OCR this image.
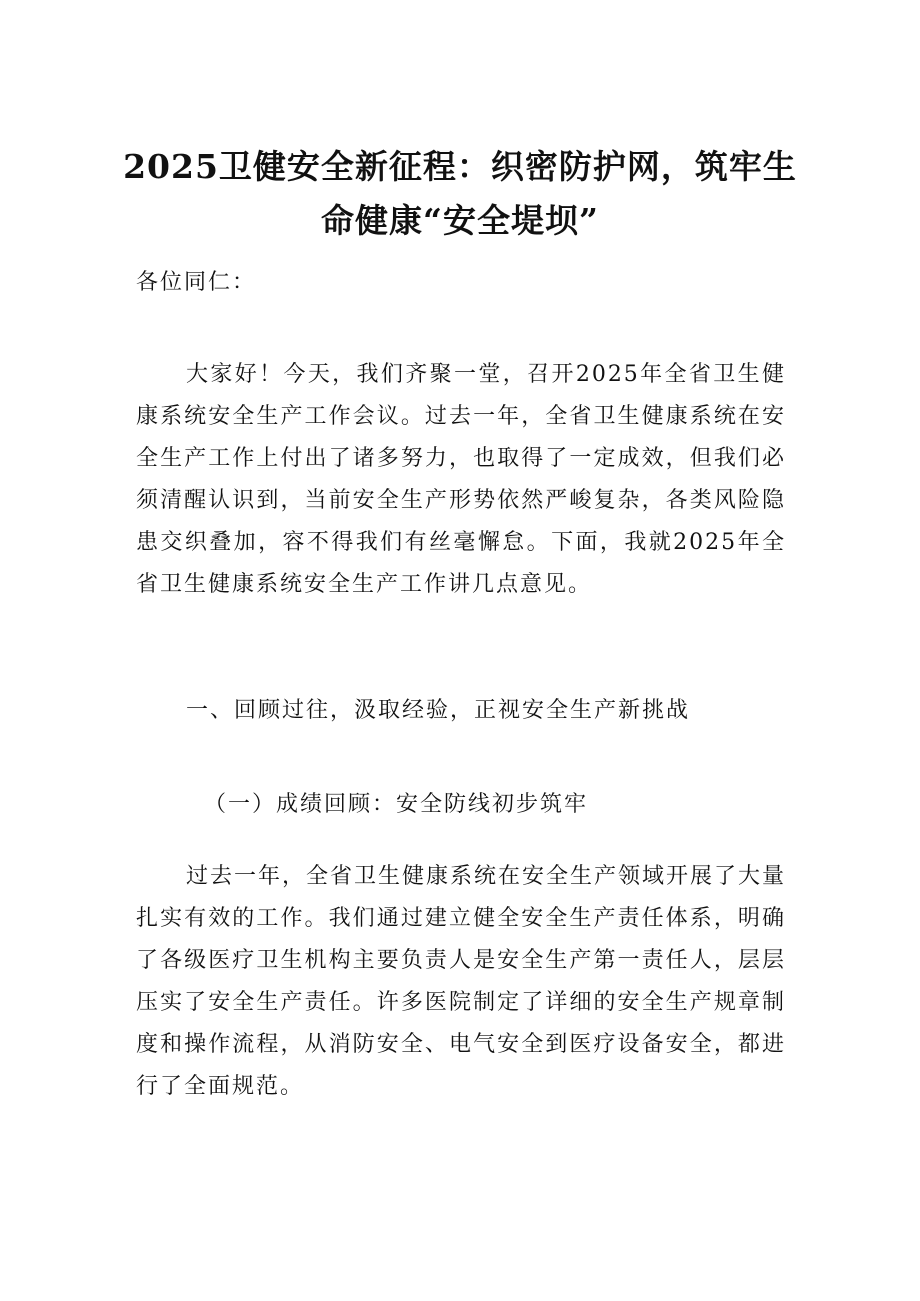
2025卫健安全新征程：织密防护网，筑牢生命健康“安全堤坝”

各位同仁：

大家好！今天，我们齐聚一堂，召开2025年全省卫生健康系统安全生产工作会议。过去一年，全省卫生健康系统在安全生产工作上付出了诸多努力，也取得了一定成效，但我们必须清醒认识到，当前安全生产形势依然严峻复杂，各类风险隐患交织叠加，容不得我们有丝毫懈怠。下面，我就2025年全省卫生健康系统安全生产工作讲几点意见。

一、回顾过往，汲取经验，正视安全生产新挑战

（一）成绩回顾：安全防线初步筑牢

过去一年，全省卫生健康系统在安全生产领域开展了大量扎实有效的工作。我们通过建立健全安全生产责任体系，明确了各级医疗卫生机构主要负责人是安全生产第一责任人，层层压实了安全生产责任。许多医院制定了详细的安全生产规章制度和操作流程，从消防安全、电气安全到医疗设备安全，都进行了全面规范。
